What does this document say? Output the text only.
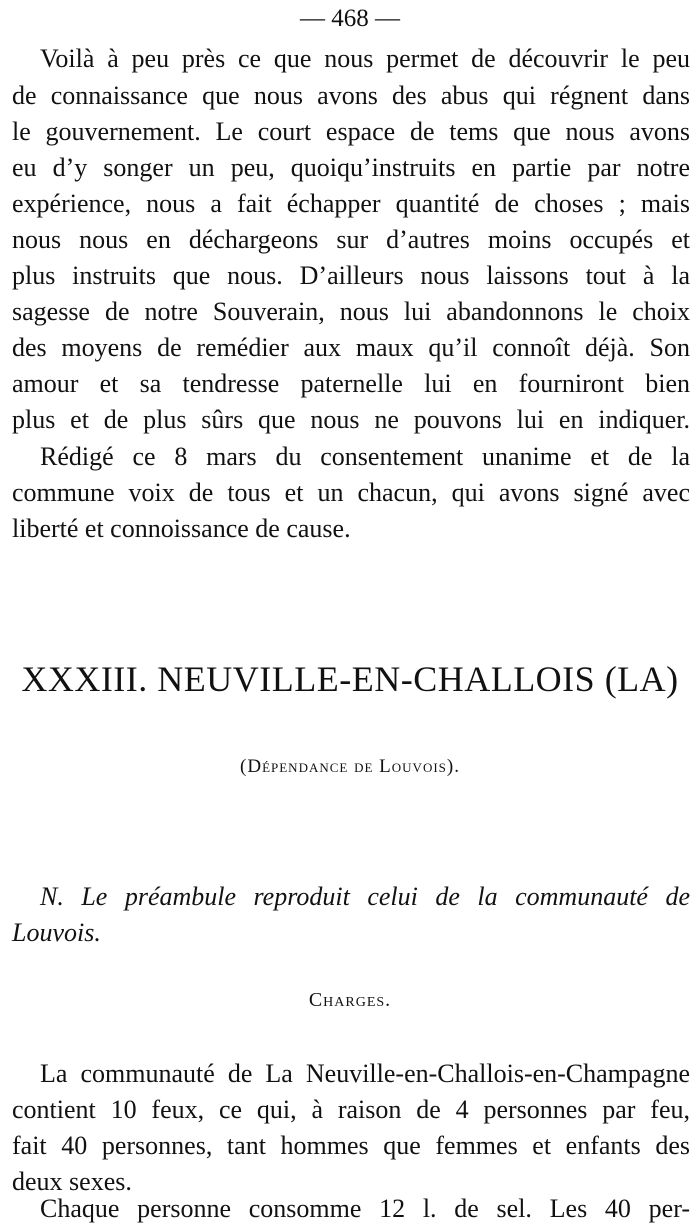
— 468 —
Voilà à peu près ce que nous permet de découvrir le peu
de connaissance que nous avons des abus qui régnent dans
le gouvernement. Le court espace de tems que nous avons
eu d’y songer un peu, quoiqu’instruits en partie par notre
expérience, nous a fait échapper quantité de choses ; mais
nous nous en déchargeons sur d’autres moins occupés et
plus instruits que nous. D’ailleurs nous laissons tout à la
sagesse de notre Souverain, nous lui abandonnons le choix
des moyens de remédier aux maux qu’il connoît déjà. Son
amour et sa tendresse paternelle lui en fourniront bien
plus et de plus sûrs que nous ne pouvons lui en indiquer.
Rédigé ce 8 mars du consentement unanime et de la
commune voix de tous et un chacun, qui avons signé avec
liberté et connoissance de cause.
XXXIII. NEUVILLE-EN-CHALLOIS (LA)
(Dépendance de Louvois).
N. Le préambule reproduit celui de la communauté de
Louvois.
Charges.
La communauté de La Neuville-en-Challois-en-Champagne
contient 10 feux, ce qui, à raison de 4 personnes par feu,
fait 40 personnes, tant hommes que femmes et enfants des
deux sexes.
Chaque personne consomme 12 l. de sel. Les 40 per-
